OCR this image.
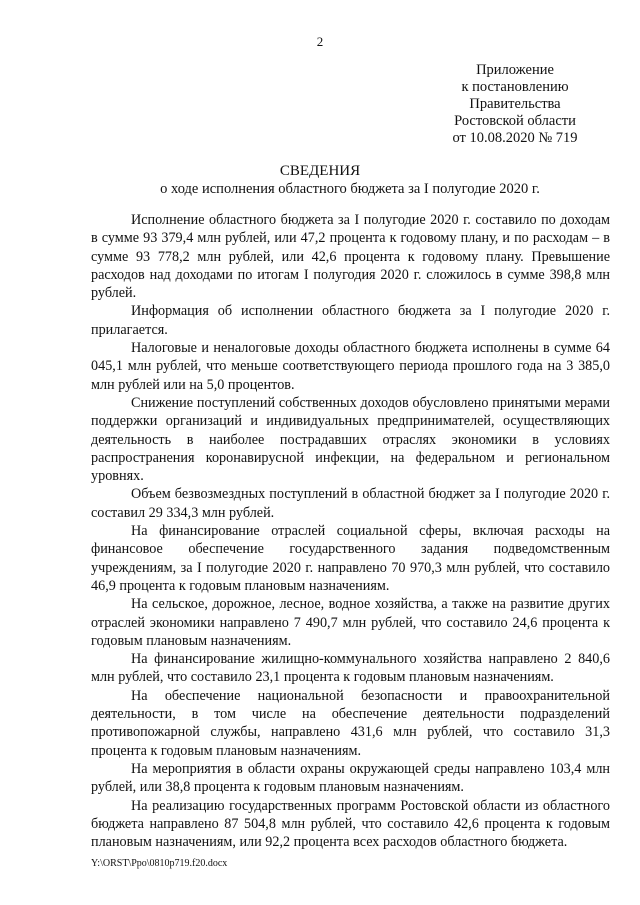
2
Приложение
к постановлению
Правительства
Ростовской области
от 10.08.2020 № 719
СВЕДЕНИЯ
о ходе исполнения областного бюджета за I полугодие 2020 г.

Исполнение областного бюджета за I полугодие 2020 г. составило по доходам в сумме 93 379,4 млн рублей, или 47,2 процента к годовому плану, и по расходам – в сумме 93 778,2 млн рублей, или 42,6 процента к годовому плану. Превышение расходов над доходами по итогам I полугодия 2020 г. сложилось в сумме 398,8 млн рублей.

Информация об исполнении областного бюджета за I полугодие 2020 г. прилагается.

Налоговые и неналоговые доходы областного бюджета исполнены в сумме 64 045,1 млн рублей, что меньше соответствующего периода прошлого года на 3 385,0 млн рублей или на 5,0 процентов.

Снижение поступлений собственных доходов обусловлено принятыми мерами поддержки организаций и индивидуальных предпринимателей, осуществляющих деятельность в наиболее пострадавших отраслях экономики в условиях распространения коронавирусной инфекции, на федеральном и региональном уровнях.

Объем безвозмездных поступлений в областной бюджет за I полугодие 2020 г. составил 29 334,3 млн рублей.

На финансирование отраслей социальной сферы, включая расходы на финансовое обеспечение государственного задания подведомственным учреждениям, за I полугодие 2020 г. направлено 70 970,3 млн рублей, что составило 46,9 процента к годовым плановым назначениям.

На сельское, дорожное, лесное, водное хозяйства, а также на развитие других отраслей экономики направлено 7 490,7 млн рублей, что составило 24,6 процента к годовым плановым назначениям.

На финансирование жилищно-коммунального хозяйства направлено 2 840,6 млн рублей, что составило 23,1 процента к годовым плановым назначениям.

На обеспечение национальной безопасности и правоохранительной деятельности, в том числе на обеспечение деятельности подразделений противопожарной службы, направлено 431,6 млн рублей, что составило 31,3 процента к годовым плановым назначениям.

На мероприятия в области охраны окружающей среды направлено 103,4 млн рублей, или 38,8 процента к годовым плановым назначениям.

На реализацию государственных программ Ростовской области из областного бюджета направлено 87 504,8 млн рублей, что составило 42,6 процента к годовым плановым назначениям, или 92,2 процента всех расходов областного бюджета.

Y:\ORST\Ppo\0810p719.f20.docx
